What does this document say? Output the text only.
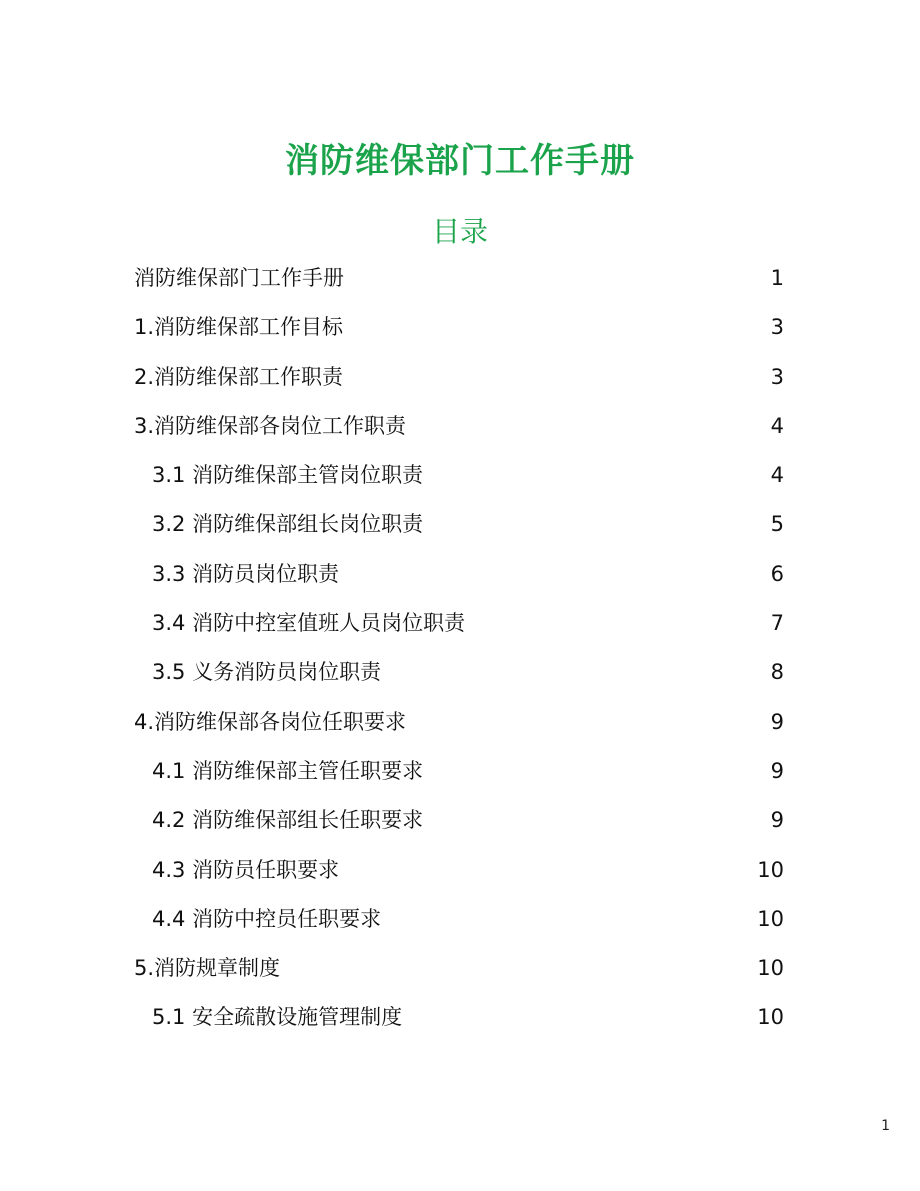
消防维保部门工作手册
目录
消防维保部门工作手册 .....	1
1.消防维保部工作目标 .....	3
2.消防维保部工作职责 .....	3
3.消防维保部各岗位工作职责 .....	4
3.1 消防维保部主管岗位职责 .....	4
3.2 消防维保部组长岗位职责 .....	5
3.3 消防员岗位职责 .....	6
3.4 消防中控室值班人员岗位职责 .....	7
3.5 义务消防员岗位职责 .....	8
4.消防维保部各岗位任职要求 .....	9
4.1 消防维保部主管任职要求 .....	9
4.2 消防维保部组长任职要求 .....	9
4.3 消防员任职要求 .....	10
4.4 消防中控员任职要求 .....	10
5.消防规章制度 .....	10
5.1 安全疏散设施管理制度 .....	10
1
